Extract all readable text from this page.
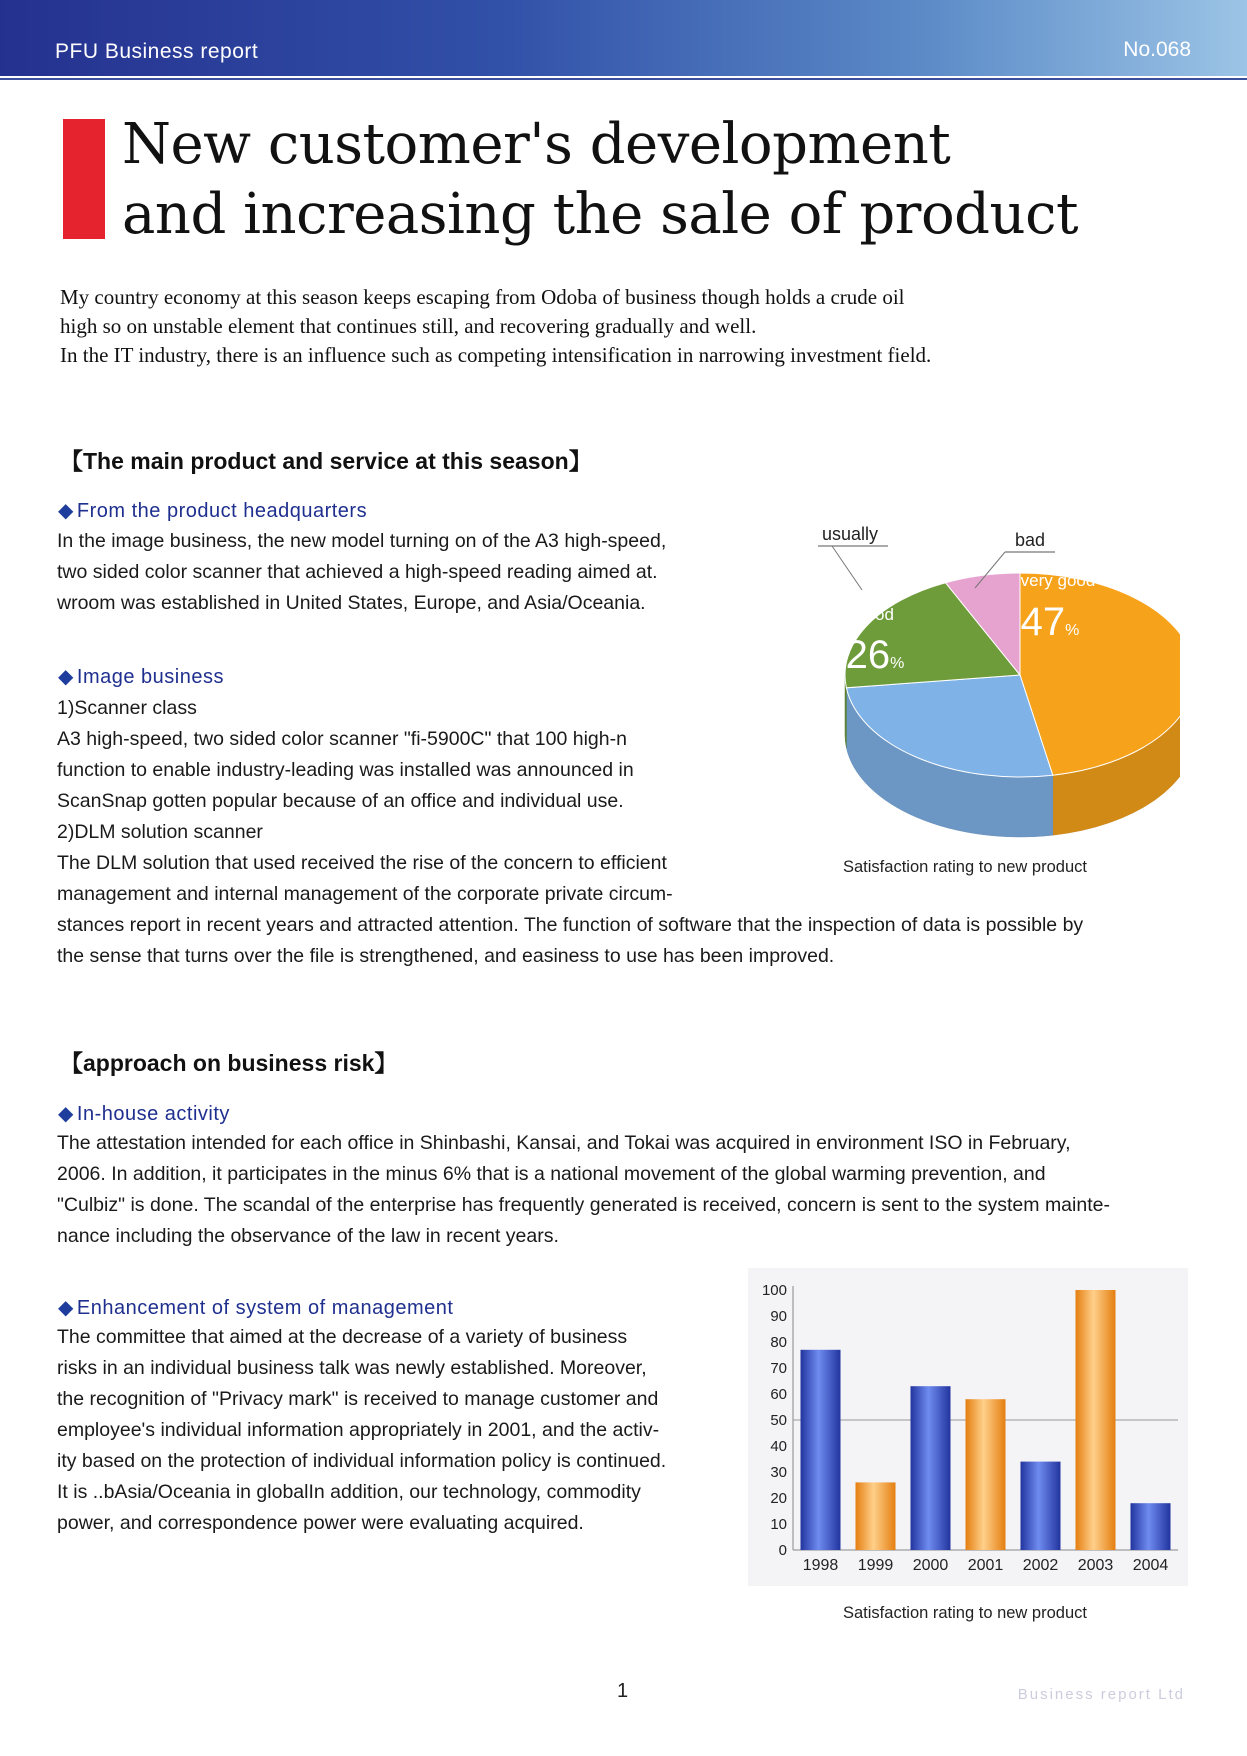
PFU Business report	No.068
New customer's development
and increasing the sale of product

My country economy at this season keeps escaping from Odoba of business though holds a crude oil

high so on unstable element that continues still, and recovering gradually and well.

In the IT industry, there is an influence such as competing intensification in narrowing investment field.

【The main product and service at this season】
◆ From the product headquarters

In the image business, the new model turning on of the A3 high-speed,

two sided color scanner that achieved a high-speed reading aimed at.

wroom was established in United States, Europe, and Asia/Oceania.

◆ Image business

1)Scanner class

A3 high-speed, two sided color scanner "fi-5900C" that 100 high-n

function to enable industry-leading was installed was announced in

ScanSnap gotten popular because of an office and individual use.

2)DLM solution scanner

The DLM solution that used received the rise of the concern to efficient

management and internal management of the corporate private circum-

stances report in recent years and attracted attention. The function of software that the inspection of data is possible by

the sense that turns over the file is strengthened, and easiness to use has been improved.

47%
very good
26%
good
20%
7%
usually	bad
Satisfaction rating to new product
【approach on business risk】
◆ In-house activity

The attestation intended for each office in Shinbashi, Kansai, and Tokai was acquired in environment ISO in February,

2006. In addition, it participates in the minus 6% that is a national movement of the global warming prevention, and

"Culbiz" is done. The scandal of the enterprise has frequently generated is received, concern is sent to the system mainte-

nance including the observance of the law in recent years.

◆ Enhancement of system of management

The committee that aimed at the decrease of a variety of business

risks in an individual business talk was newly established. Moreover,

the recognition of "Privacy mark" is received to manage customer and

employee's individual information appropriately in 2001, and the activ-

ity based on the protection of individual information policy is continued.

It is ..bAsia/Oceania in globalIn addition, our technology, commodity

power, and correspondence power were evaluating acquired.

0
10
20
30
40
50
60
70
80
90
100
1998 1999 2000 2001 2002 2003 2004
Satisfaction rating to new product
1	Business report Ltd
